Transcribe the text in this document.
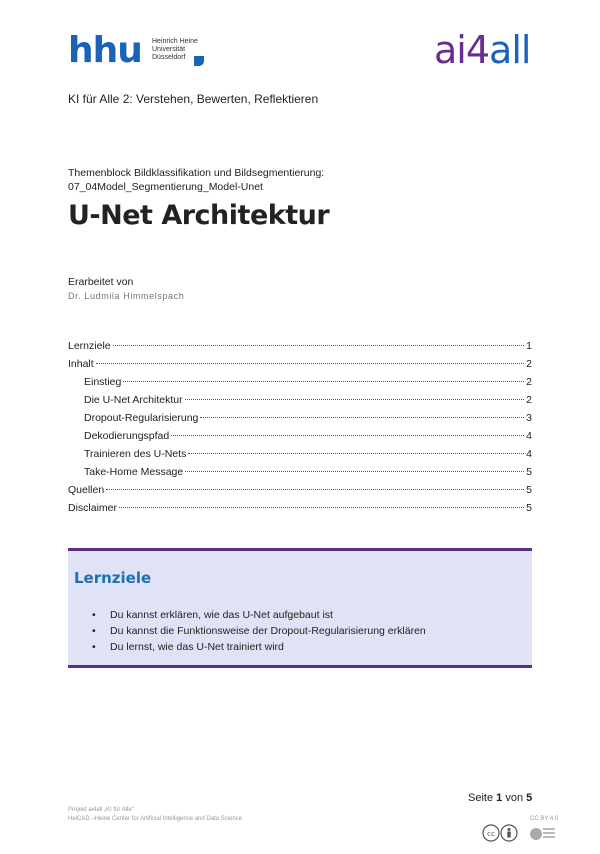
hhu Heinrich Heine
Universität
Düsseldorf	ai4all
KI für Alle 2: Verstehen, Bewerten, Reflektieren
Themenblock Bildklassifikation und Bildsegmentierung:
07_04Model_Segmentierung_Model-Unet
U-Net Architektur
Erarbeitet von
Dr. Ludmila Himmelspach
Lernziele	1
Inhalt	2
Einstieg	2
Die U-Net Architektur	2
Dropout-Regularisierung	3
Dekodierungspfad	4
Trainieren des U-Nets	4
Take-Home Message	5
Quellen	5
Disclaimer	5
Lernziele
• Du kannst erklären, wie das U-Net aufgebaut ist
• Du kannst die Funktionsweise der Dropout-Regularisierung erklären
• Du lernst, wie das U-Net trainiert wird
Seite 1 von 5
Projekt ai4all „KI für Alle“
HeiCAD –Heine Center for Artificial Intelligence and Data Science	CC BY 4.0
cc
